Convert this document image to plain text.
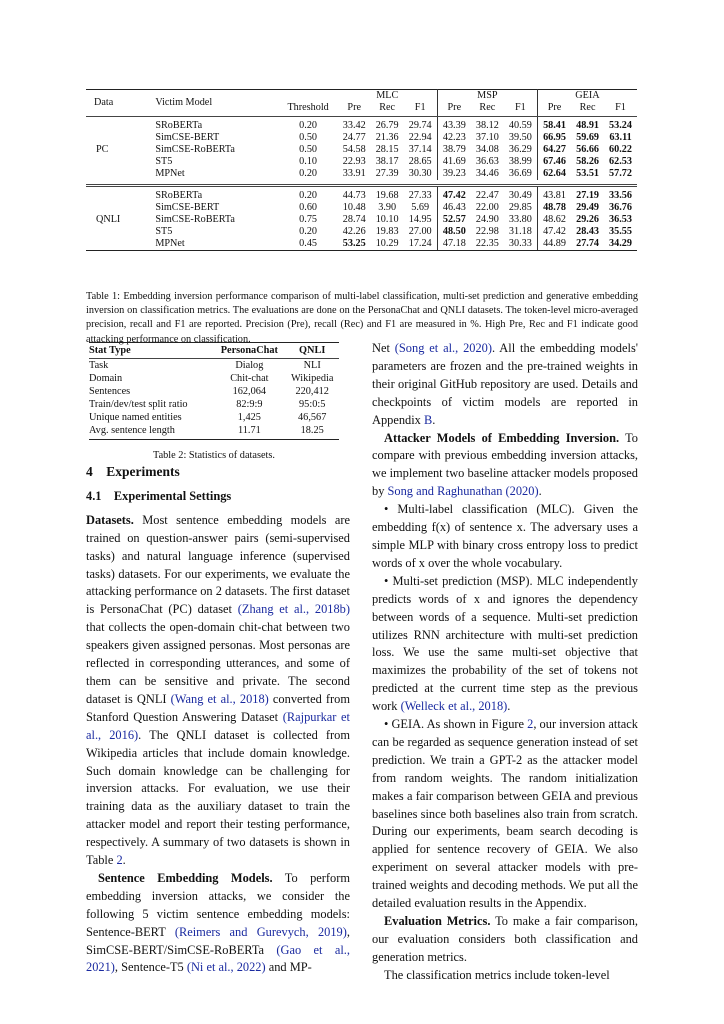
Data	Victim Model		MLC			MSP			GEIA		
		Threshold	Pre	Rec	F1	Pre	Rec	F1	Pre	Rec	F1
PC	SRoBERTa	0.20	33.42	26.79	29.74	43.39	38.12	40.59	58.41	48.91	53.24
	SimCSE-BERT	0.50	24.77	21.36	22.94	42.23	37.10	39.50	66.95	59.69	63.11
	SimCSE-RoBERTa	0.50	54.58	28.15	37.14	38.79	34.08	36.29	64.27	56.66	60.22
	ST5	0.10	22.93	38.17	28.65	41.69	36.63	38.99	67.46	58.26	62.53
	MPNet	0.20	33.91	27.39	30.30	39.23	34.46	36.69	62.64	53.51	57.72

QNLI	SRoBERTa	0.20	44.73	19.68	27.33	47.42	22.47	30.49	43.81	27.19	33.56
	SimCSE-BERT	0.60	10.48	3.90	5.69	46.43	22.00	29.85	48.78	29.49	36.76
	SimCSE-RoBERTa	0.75	28.74	10.10	14.95	52.57	24.90	33.80	48.62	29.26	36.53
	ST5	0.20	42.26	19.83	27.00	48.50	22.98	31.18	47.42	28.43	35.55
	MPNet	0.45	53.25	10.29	17.24	47.18	22.35	30.33	44.89	27.74	34.29
Table 1: Embedding inversion performance comparison of multi-label classification, multi-set prediction and generative embedding inversion on classification metrics. The evaluations are done on the PersonaChat and QNLI datasets. The token-level micro-averaged precision, recall and F1 are reported. Precision (Pre), recall (Rec) and F1 are measured in %. High Pre, Rec and F1 indicate good attacking performance on classification.
Stat Type	PersonaChat	QNLI
Task	Dialog	NLI
Domain	Chit-chat	Wikipedia
Sentences	162,064	220,412
Train/dev/test split ratio	82:9:9	95:0:5
Unique named entities	1,425	46,567
Avg. sentence length	11.71	18.25
Table 2: Statistics of datasets.
4    Experiments
4.1    Experimental Settings

Datasets. Most sentence embedding models are trained on question-answer pairs (semi-supervised tasks) and natural language inference (supervised tasks) datasets. For our experiments, we evaluate the attacking performance on 2 datasets. The first dataset is PersonaChat (PC) dataset (Zhang et al., 2018b) that collects the open-domain chit-chat between two speakers given assigned personas. Most personas are reflected in corresponding utterances, and some of them can be sensitive and private. The second dataset is QNLI (Wang et al., 2018) converted from Stanford Question Answering Dataset (Rajpurkar et al., 2016). The QNLI dataset is collected from Wikipedia articles that include domain knowledge. Such domain knowledge can be challenging for inversion attacks. For evaluation, we use their training data as the auxiliary dataset to train the attacker model and report their testing performance, respectively. A summary of two datasets is shown in Table 2.

Sentence Embedding Models. To perform embedding inversion attacks, we consider the following 5 victim sentence embedding models: Sentence-BERT (Reimers and Gurevych, 2019), SimCSE-BERT/SimCSE-RoBERTa (Gao et al., 2021), Sentence-T5 (Ni et al., 2022) and MP-

Net (Song et al., 2020). All the embedding models' parameters are frozen and the pre-trained weights in their original GitHub repository are used. Details and checkpoints of victim models are reported in Appendix B.

Attacker Models of Embedding Inversion. To compare with previous embedding inversion attacks, we implement two baseline attacker models proposed by Song and Raghunathan (2020).

• Multi-label classification (MLC). Given the embedding f(x) of sentence x. The adversary uses a simple MLP with binary cross entropy loss to predict words of x over the whole vocabulary.

• Multi-set prediction (MSP). MLC independently predicts words of x and ignores the dependency between words of a sequence. Multi-set prediction utilizes RNN architecture with multi-set prediction loss. We use the same multi-set objective that maximizes the probability of the set of tokens not predicted at the current time step as the previous work (Welleck et al., 2018).

• GEIA. As shown in Figure 2, our inversion attack can be regarded as sequence generation instead of set prediction. We train a GPT-2 as the attacker model from random weights. The random initialization makes a fair comparison between GEIA and previous baselines since both baselines also train from scratch. During our experiments, beam search decoding is applied for sentence recovery of GEIA. We also experiment on several attacker models with pre-trained weights and decoding methods. We put all the detailed evaluation results in the Appendix.

Evaluation Metrics. To make a fair comparison, our evaluation considers both classification and generation metrics.

The classification metrics include token-level
